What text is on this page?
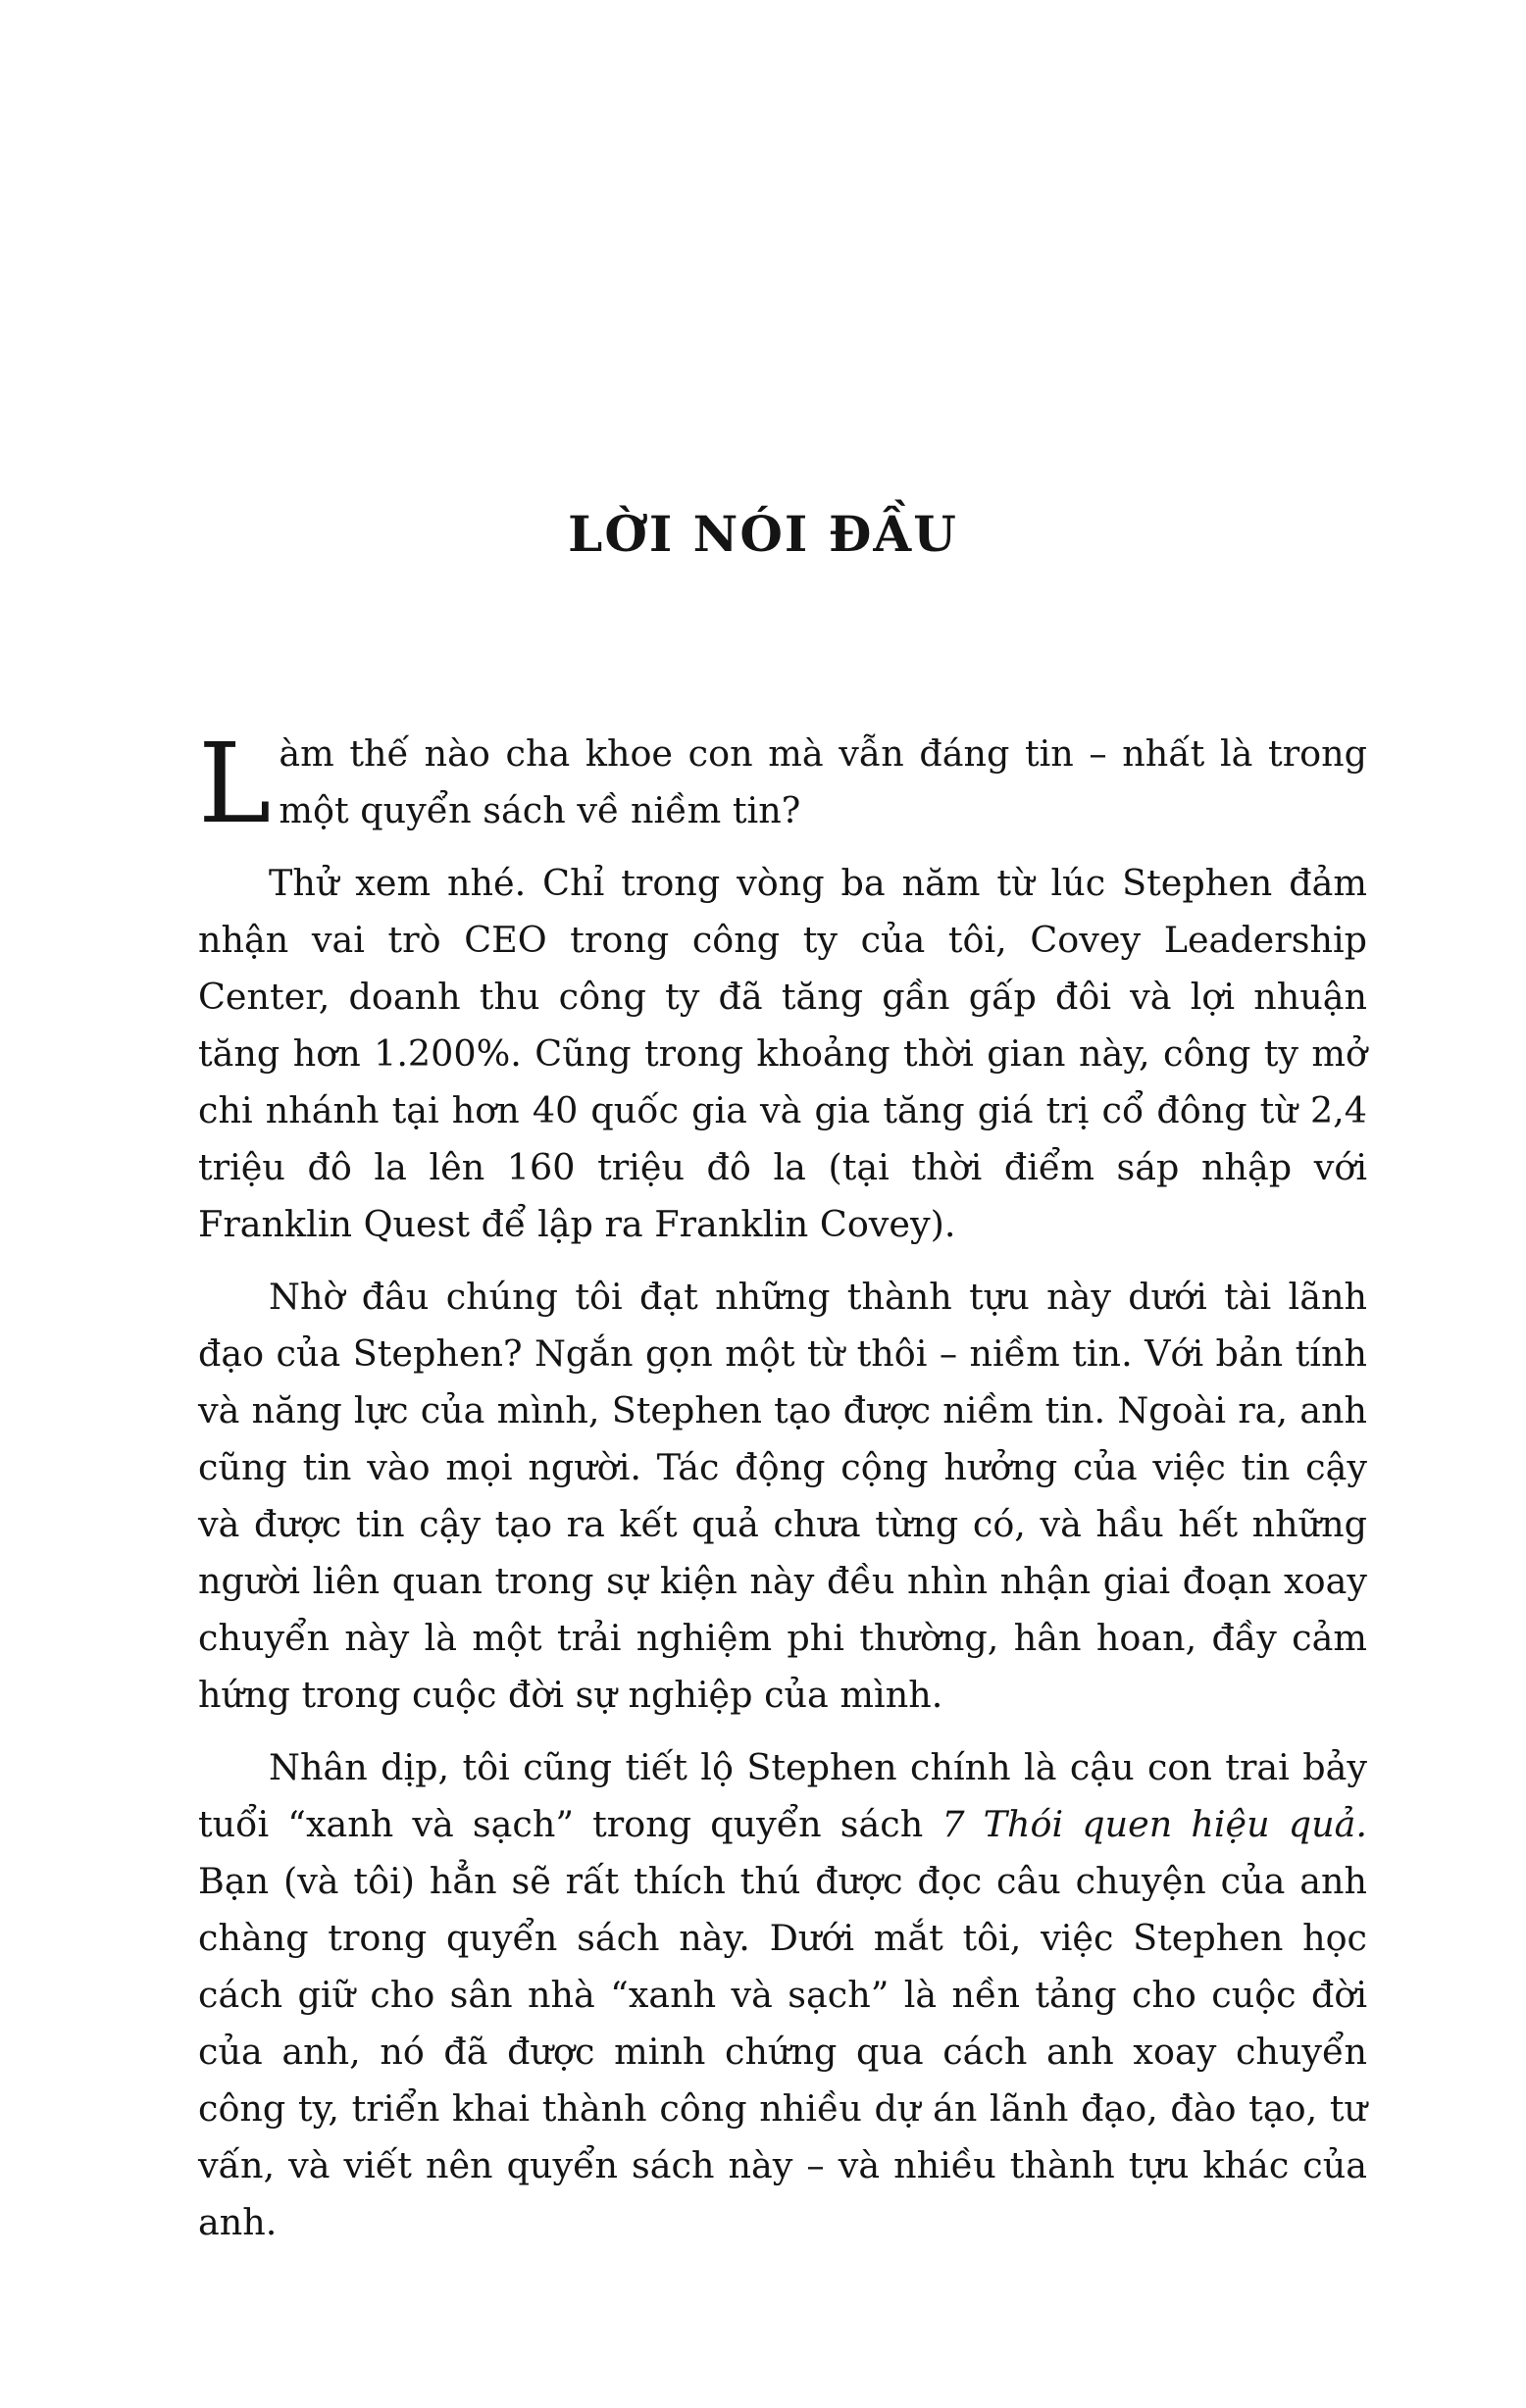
LỜI NÓI ĐẦU

Làm thế nào cha khoe con mà vẫn đáng tin – nhất là trong một quyển sách về niềm tin?

Thử xem nhé. Chỉ trong vòng ba năm từ lúc Stephen đảm nhận vai trò CEO trong công ty của tôi, Covey Leadership Center, doanh thu công ty đã tăng gần gấp đôi và lợi nhuận tăng hơn 1.200%. Cũng trong khoảng thời gian này, công ty mở chi nhánh tại hơn 40 quốc gia và gia tăng giá trị cổ đông từ 2,4 triệu đô la lên 160 triệu đô la (tại thời điểm sáp nhập với Franklin Quest để lập ra Franklin Covey).

Nhờ đâu chúng tôi đạt những thành tựu này dưới tài lãnh đạo của Stephen? Ngắn gọn một từ thôi – niềm tin. Với bản tính và năng lực của mình, Stephen tạo được niềm tin. Ngoài ra, anh cũng tin vào mọi người. Tác động cộng hưởng của việc tin cậy và được tin cậy tạo ra kết quả chưa từng có, và hầu hết những người liên quan trong sự kiện này đều nhìn nhận giai đoạn xoay chuyển này là một trải nghiệm phi thường, hân hoan, đầy cảm hứng trong cuộc đời sự nghiệp của mình.

Nhân dịp, tôi cũng tiết lộ Stephen chính là cậu con trai bảy tuổi “xanh và sạch” trong quyển sách 7 Thói quen hiệu quả. Bạn (và tôi) hẳn sẽ rất thích thú được đọc câu chuyện của anh chàng trong quyển sách này. Dưới mắt tôi, việc Stephen học cách giữ cho sân nhà “xanh và sạch” là nền tảng cho cuộc đời của anh, nó đã được minh chứng qua cách anh xoay chuyển công ty, triển khai thành công nhiều dự án lãnh đạo, đào tạo, tư vấn, và viết nên quyển sách này – và nhiều thành tựu khác của anh.
